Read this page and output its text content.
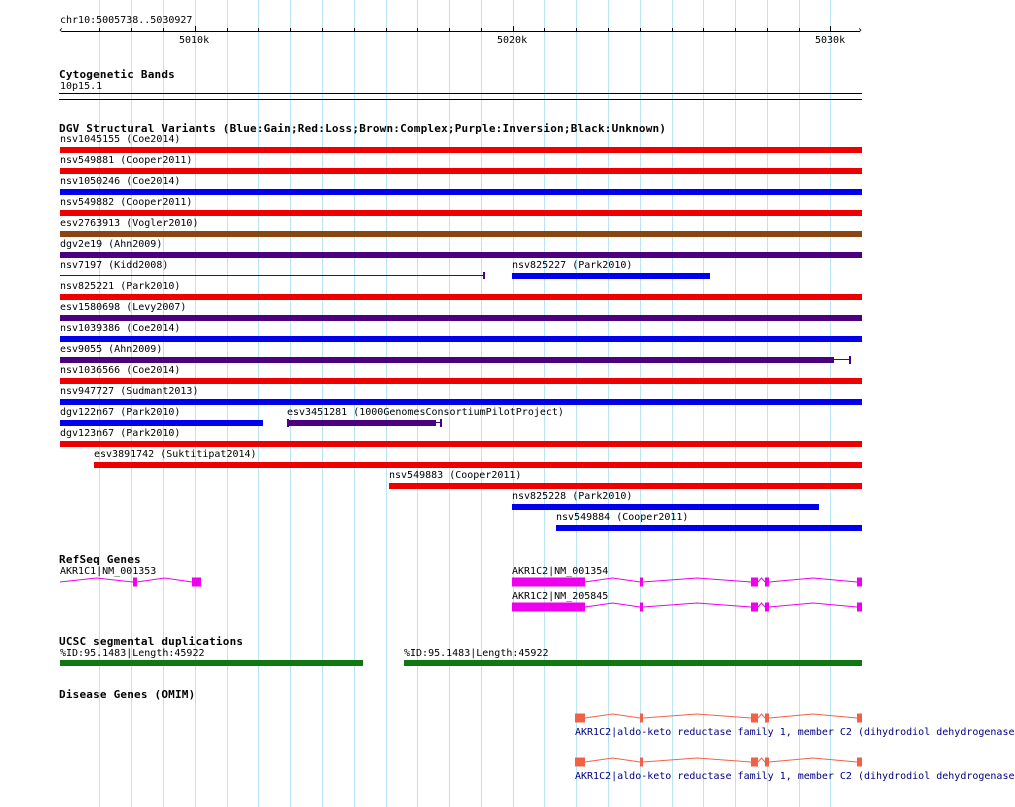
chr10:5005738..5030927
‹	›
5010k	5020k	5030k
Cytogenetic Bands
10p15.1
DGV Structural Variants (Blue:Gain;Red:Loss;Brown:Complex;Purple:Inversion;Black:Unknown)
nsv1045155 (Coe2014)
nsv549881 (Cooper2011)
nsv1050246 (Coe2014)
nsv549882 (Cooper2011)
esv2763913 (Vogler2010)
dgv2e19 (Ahn2009)
nsv7197 (Kidd2008)	nsv825227 (Park2010)
nsv825221 (Park2010)
esv1580698 (Levy2007)
nsv1039386 (Coe2014)
esv9055 (Ahn2009)
nsv1036566 (Coe2014)
nsv947727 (Sudmant2013)
dgv122n67 (Park2010)	esv3451281 (1000GenomesConsortiumPilotProject)
dgv123n67 (Park2010)
esv3891742 (Suktitipat2014)
nsv549883 (Cooper2011)
nsv825228 (Park2010)
nsv549884 (Cooper2011)
RefSeq Genes
AKR1C1|NM_001353	AKR1C2|NM_001354
AKR1C2|NM_205845
UCSC segmental duplications
%ID:95.1483|Length:45922	%ID:95.1483|Length:45922
Disease Genes (OMIM)
AKR1C2|aldo-keto reductase family 1, member C2 (dihydrodiol dehydrogenase
AKR1C2|aldo-keto reductase family 1, member C2 (dihydrodiol dehydrogenase
